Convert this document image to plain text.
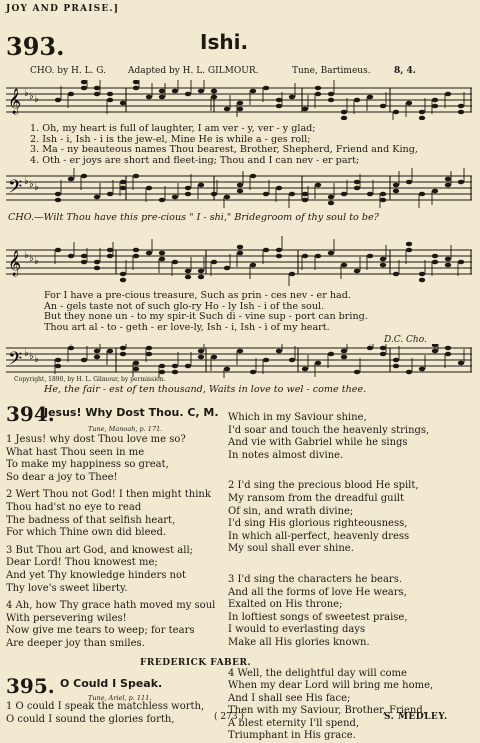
JOY AND PRAISE.]
393.	Ishi.
CHO. by H. L. G. Adapted by H. L. GILMOUR.	Tune, Bartimeus.	8, 4.
𝄞 ♭ ♭ ♭
1. Oh, my heart is full of laughter, I am ver - y, ver - y glad;
2. Ish - i, Ish - i is the jew-el, Mine He is while a - ges roll;
3. Ma - ny beauteous names Thou bearest, Brother, Shepherd, Friend and King,
4. Oth - er joys are short and fleet-ing; Thou and I can nev - er part;
𝄢 ♭ ♭ ♭
CHO.—Wilt Thou have this pre-cious " I - shi," Bridegroom of thy soul to be?
𝄞 ♭ ♭ ♭
For I have a pre-cious treasure, Such as prin - ces nev - er had.
An - gels taste not of such glo-ry Ho - ly Ish - i of the soul.
But they none un - to my spir-it Such di - vine sup - port can bring.
Thou art al - to - geth - er love-ly, Ish - i, Ish - i of my heart.
D.C. Cho.
𝄢 ♭ ♭ ♭
Copyright, 1890, by H. L. Gilmour, by permission.
He, the fair - est of ten thousand, Waits in love to wel - come thee.
394.
Jesus! Why Dost Thou. C, M.
Tune, Manoah, p. 171.
1 Jesus! why dost Thou love me so?
What hast Thou seen in me
To make my happiness so great,
So dear a joy to Thee!
2 Wert Thou not God! I then might think
Thou had'st no eye to read
The badness of that selfish heart,
For which Thine own did bleed.
3 But Thou art God, and knowest all;
Dear Lord! Thou knowest me;
And yet Thy knowledge hinders not
Thy love's sweet liberty.
4 Ah, how Thy grace hath moved my soul
With persevering wiles!
Now give me tears to weep; for tears
Are deeper joy than smiles.
FREDERICK FABER.
395. O Could I Speak.
Tune, Ariel, p. 111.
1 O could I speak the matchless worth,
O could I sound the glories forth,
Which in my Saviour shine,
I'd soar and touch the heavenly strings,
And vie with Gabriel while he sings
In notes almost divine.
2 I'd sing the precious blood He spilt,
My ransom from the dreadful guilt
Of sin, and wrath divine;
I'd sing His glorious righteousness,
In which all-perfect, heavenly dress
My soul shall ever shine.
3 I'd sing the characters he bears.
And all the forms of love He wears,
Exalted on His throne;
In loftiest songs of sweetest praise,
I would to everlasting days
Make all His glories known.
4 Well, the delightful day will come
When my dear Lord will bring me home,
And I shall see His face;
Then with my Saviour, Brother, Friend,
A blest eternity I'll spend,
Triumphant in His grace.
( 273 )	S. MEDLEY.
